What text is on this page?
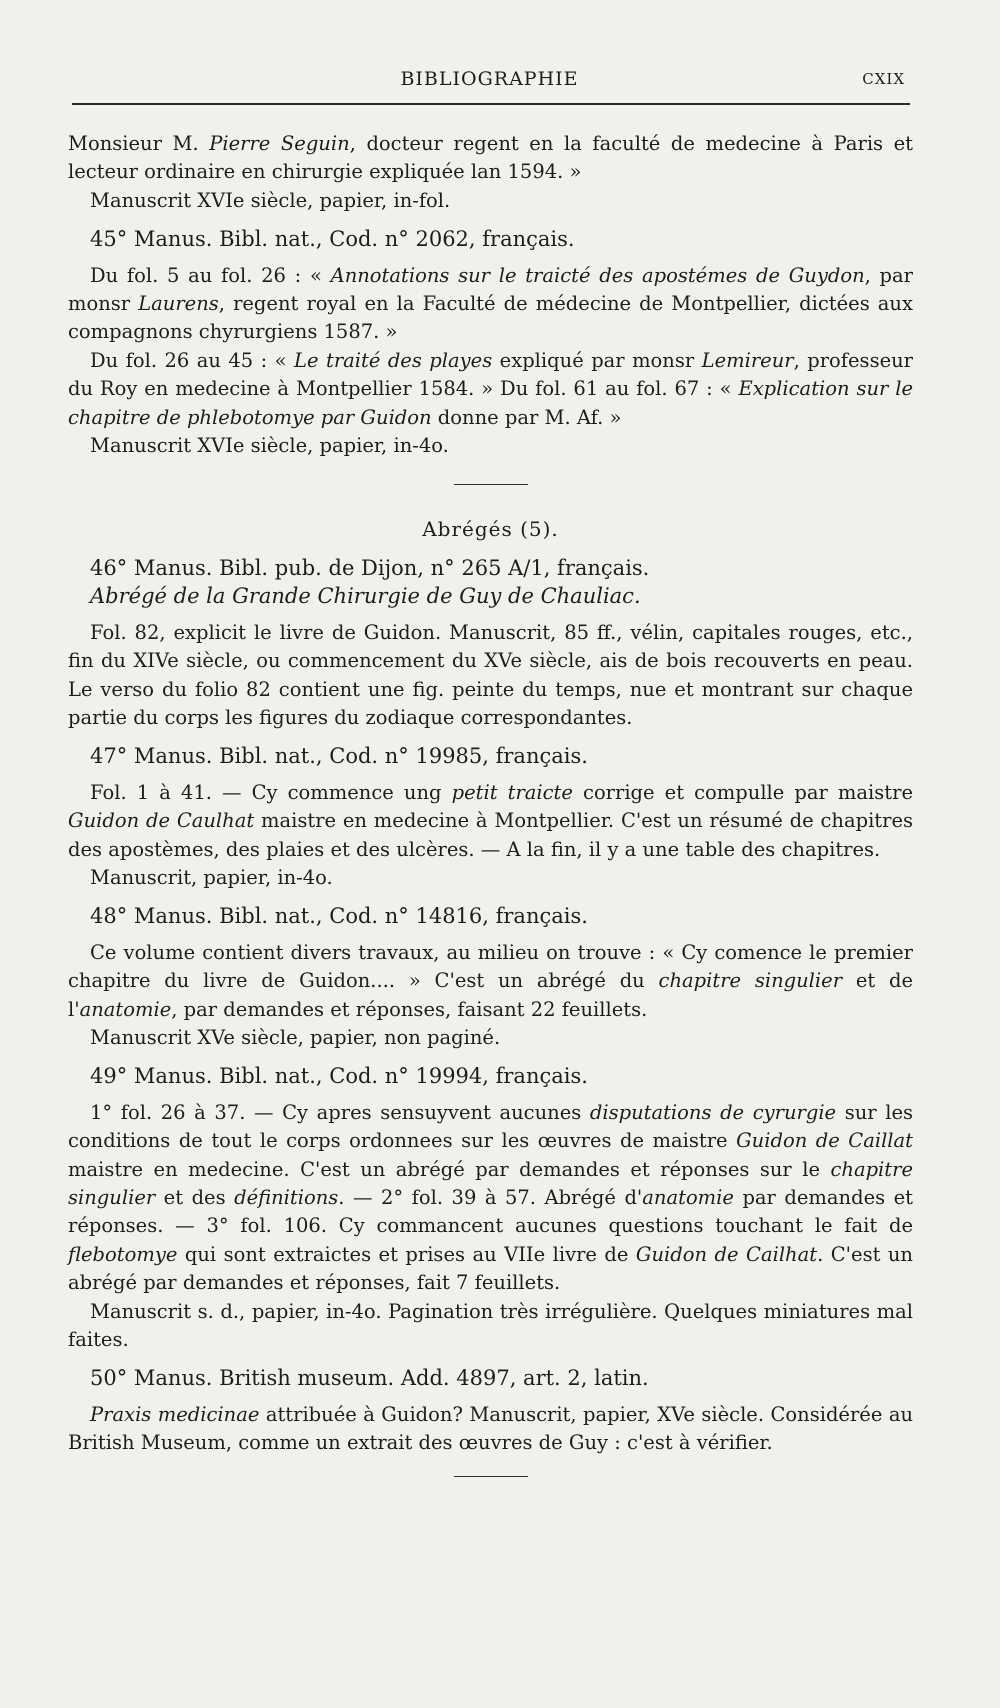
BIBLIOGRAPHIE	CXIX

Monsieur M. Pierre Seguin, docteur regent en la faculté de medecine à Paris et lecteur ordinaire en chirurgie expliquée lan 1594. »

Manuscrit XVIe siècle, papier, in-fol.

45° Manus. Bibl. nat., Cod. n° 2062, français.

Du fol. 5 au fol. 26 : « Annotations sur le traicté des apostémes de Guydon, par monsr Laurens, regent royal en la Faculté de médecine de Montpellier, dictées aux compagnons chyrurgiens 1587. »

Du fol. 26 au 45 : « Le traité des playes expliqué par monsr Lemireur, professeur du Roy en medecine à Montpellier 1584. » Du fol. 61 au fol. 67 : « Explication sur le chapitre de phlebotomye par Guidon donne par M. Af. »

Manuscrit XVIe siècle, papier, in-4o.

Abrégés (5).

46° Manus. Bibl. pub. de Dijon, n° 265 A/1, français.

Abrégé de la Grande Chirurgie de Guy de Chauliac.

Fol. 82, explicit le livre de Guidon. Manuscrit, 85 ff., vélin, capitales rouges, etc., fin du XIVe siècle, ou commencement du XVe siècle, ais de bois recouverts en peau. Le verso du folio 82 contient une fig. peinte du temps, nue et montrant sur chaque partie du corps les figures du zodiaque correspondantes.

47° Manus. Bibl. nat., Cod. n° 19985, français.

Fol. 1 à 41. — Cy commence ung petit traicte corrige et compulle par maistre Guidon de Caulhat maistre en medecine à Montpellier. C'est un résumé de chapitres des apostèmes, des plaies et des ulcères. — A la fin, il y a une table des chapitres.

Manuscrit, papier, in-4o.

48° Manus. Bibl. nat., Cod. n° 14816, français.

Ce volume contient divers travaux, au milieu on trouve : « Cy comence le premier chapitre du livre de Guidon.... » C'est un abrégé du chapitre singulier et de l'anatomie, par demandes et réponses, faisant 22 feuillets.

Manuscrit XVe siècle, papier, non paginé.

49° Manus. Bibl. nat., Cod. n° 19994, français.

1° fol. 26 à 37. — Cy apres sensuyvent aucunes disputations de cyrurgie sur les conditions de tout le corps ordonnees sur les œuvres de maistre Guidon de Caillat maistre en medecine. C'est un abrégé par demandes et réponses sur le chapitre singulier et des définitions. — 2° fol. 39 à 57. Abrégé d'anatomie par demandes et réponses. — 3° fol. 106. Cy commancent aucunes questions touchant le fait de flebotomye qui sont extraictes et prises au VIIe livre de Guidon de Cailhat. C'est un abrégé par demandes et réponses, fait 7 feuillets.

Manuscrit s. d., papier, in-4o. Pagination très irrégulière. Quelques miniatures mal faites.

50° Manus. British museum. Add. 4897, art. 2, latin.

Praxis medicinae attribuée à Guidon? Manuscrit, papier, XVe siècle. Considérée au British Museum, comme un extrait des œuvres de Guy : c'est à vérifier.
